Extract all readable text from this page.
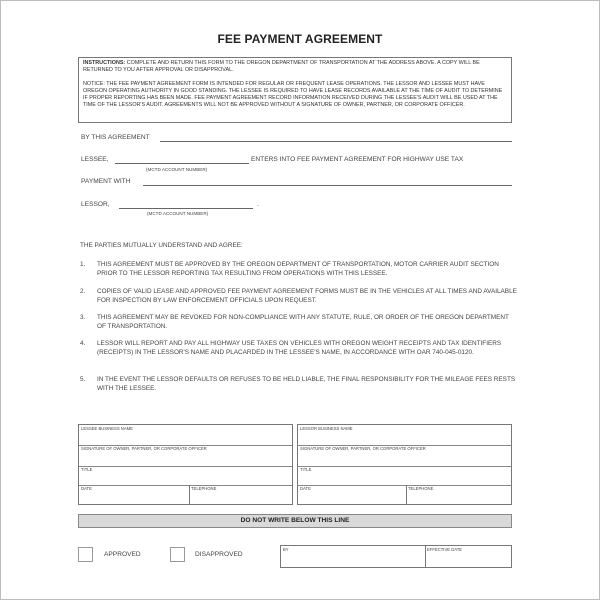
FEE PAYMENT AGREEMENT

INSTRUCTIONS: COMPLETE AND RETURN THIS FORM TO THE OREGON DEPARTMENT OF TRANSPORTATION AT THE ADDRESS ABOVE. A COPY WILL BE RETURNED TO YOU AFTER APPROVAL OR DISAPPROVAL.

NOTICE: THE FEE PAYMENT AGREEMENT FORM IS INTENDED FOR REGULAR OR FREQUENT LEASE OPERATIONS. THE LESSOR AND LESSEE MUST HAVE OREGON OPERATING AUTHORITY IN GOOD STANDING. THE LESSEE IS REQUIRED TO HAVE LEASE RECORDS AVAILABLE AT THE TIME OF AUDIT TO DETERMINE IF PROPER REPORTING HAS BEEN MADE. FEE PAYMENT AGREEMENT RECORD INFORMATION RECEIVED DURING THE LESSEE'S AUDIT WILL BE USED AT THE TIME OF THE LESSOR'S AUDIT. AGREEMENTS WILL NOT BE APPROVED WITHOUT A SIGNATURE OF OWNER, PARTNER, OR CORPORATE OFFICER.

BY THIS AGREEMENT
LESSEE,
(MCTD ACCOUNT NUMBER)
ENTERS INTO FEE PAYMENT AGREEMENT FOR HIGHWAY USE TAX
PAYMENT WITH
LESSOR,
(MCTD ACCOUNT NUMBER)
.
THE PARTIES MUTUALLY UNDERSTAND AND AGREE:
1. THIS AGREEMENT MUST BE APPROVED BY THE OREGON DEPARTMENT OF TRANSPORTATION, MOTOR CARRIER AUDIT SECTION PRIOR TO THE LESSOR REPORTING TAX RESULTING FROM OPERATIONS WITH THIS LESSEE.
2. COPIES OF VALID LEASE AND APPROVED FEE PAYMENT AGREEMENT FORMS MUST BE IN THE VEHICLES AT ALL TIMES AND AVAILABLE FOR INSPECTION BY LAW ENFORCEMENT OFFICIALS UPON REQUEST.
3. THIS AGREEMENT MAY BE REVOKED FOR NON-COMPLIANCE WITH ANY STATUTE, RULE, OR ORDER OF THE OREGON DEPARTMENT OF TRANSPORTATION.
4. LESSOR WILL REPORT AND PAY ALL HIGHWAY USE TAXES ON VEHICLES WITH OREGON WEIGHT RECEIPTS AND TAX IDENTIFIERS (RECEIPTS) IN THE LESSOR'S NAME AND PLACARDED IN THE LESSEE'S NAME, IN ACCORDANCE WITH OAR 740-045-0120.
5. IN THE EVENT THE LESSOR DEFAULTS OR REFUSES TO BE HELD LIABLE, THE FINAL RESPONSIBILITY FOR THE MILEAGE FEES RESTS WITH THE LESSEE.
LESSEE BUSINESS NAME
SIGNATURE OF OWNER, PARTNER, OR CORPORATE OFFICER
TITLE
DATE	TELEPHONE
LESSOR BUSINESS NAME
SIGNATURE OF OWNER, PARTNER, OR CORPORATE OFFICER
TITLE
DATE	TELEPHONE
DO NOT WRITE BELOW THIS LINE
APPROVED	DISAPPROVED
BY	EFFECTIVE DATE
